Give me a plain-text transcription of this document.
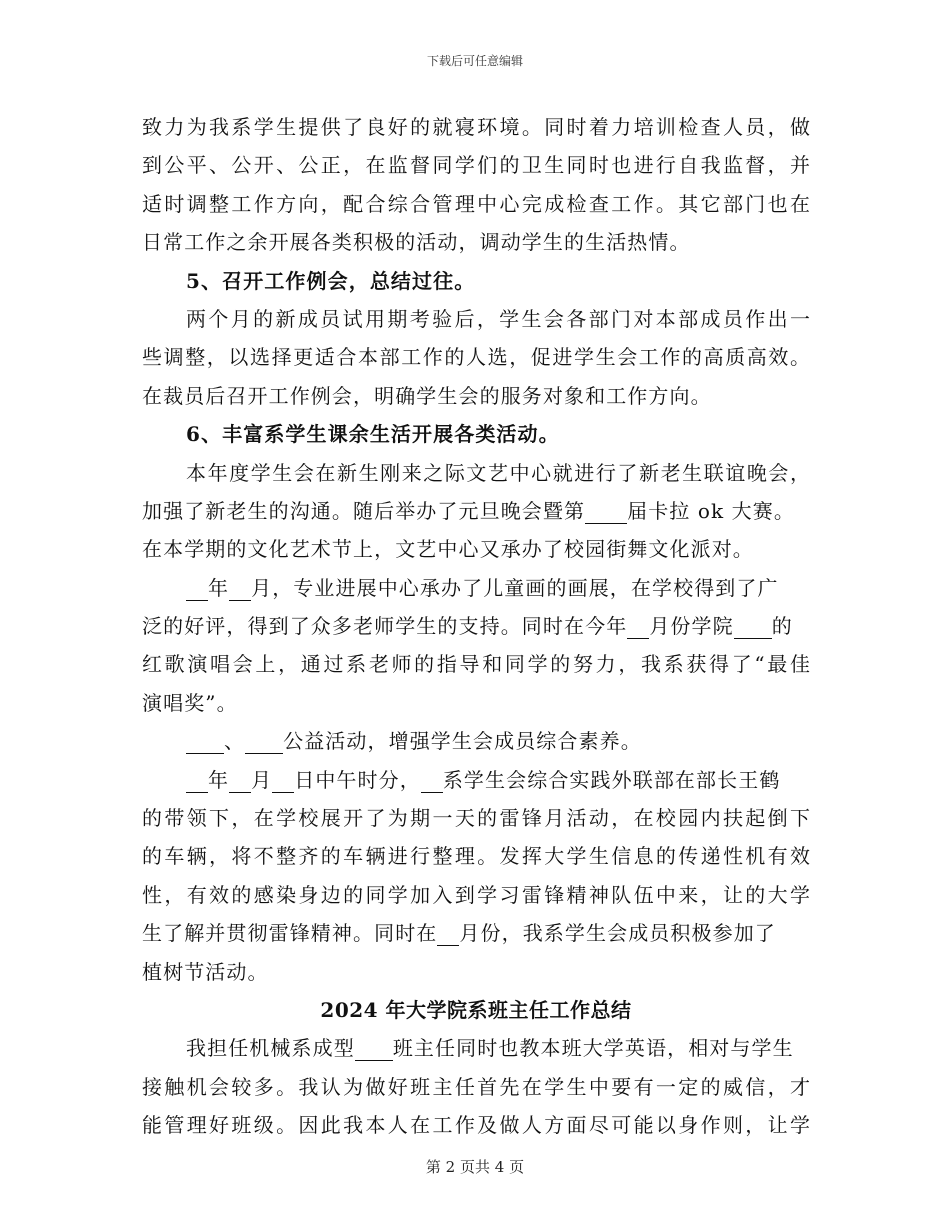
下载后可任意编辑
致力为我系学生提供了良好的就寝环境。同时着力培训检查人员，做
到公平、公开、公正，在监督同学们的卫生同时也进行自我监督，并
适时调整工作方向，配合综合管理中心完成检查工作。其它部门也在
日常工作之余开展各类积极的活动，调动学生的生活热情。
5、召开工作例会，总结过往。
两个月的新成员试用期考验后，学生会各部门对本部成员作出一
些调整，以选择更适合本部工作的人选，促进学生会工作的高质高效。
在裁员后召开工作例会，明确学生会的服务对象和工作方向。
6、丰富系学生课余生活开展各类活动。
本年度学生会在新生刚来之际文艺中心就进行了新老生联谊晚会，
加强了新老生的沟通。随后举办了元旦晚会暨第 届卡拉 ok 大赛。
在本学期的文化艺术节上，文艺中心又承办了校园街舞文化派对。
年 月，专业进展中心承办了儿童画的画展，在学校得到了广
泛的好评，得到了众多老师学生的支持。同时在今年 月份学院 的
红歌演唱会上，通过系老师的指导和同学的努力，我系获得了“最佳
演唱奖”。
、 公益活动，增强学生会成员综合素养。
年 月 日中午时分， 系学生会综合实践外联部在部长王鹤
的带领下，在学校展开了为期一天的雷锋月活动，在校园内扶起倒下
的车辆，将不整齐的车辆进行整理。发挥大学生信息的传递性机有效
性，有效的感染身边的同学加入到学习雷锋精神队伍中来，让的大学
生了解并贯彻雷锋精神。同时在 月份，我系学生会成员积极参加了
植树节活动。
2024 年大学院系班主任工作总结
我担任机械系成型 班主任同时也教本班大学英语，相对与学生
接触机会较多。我认为做好班主任首先在学生中要有一定的威信，才
能管理好班级。因此我本人在工作及做人方面尽可能以身作则，让学
第 2 页共 4 页
